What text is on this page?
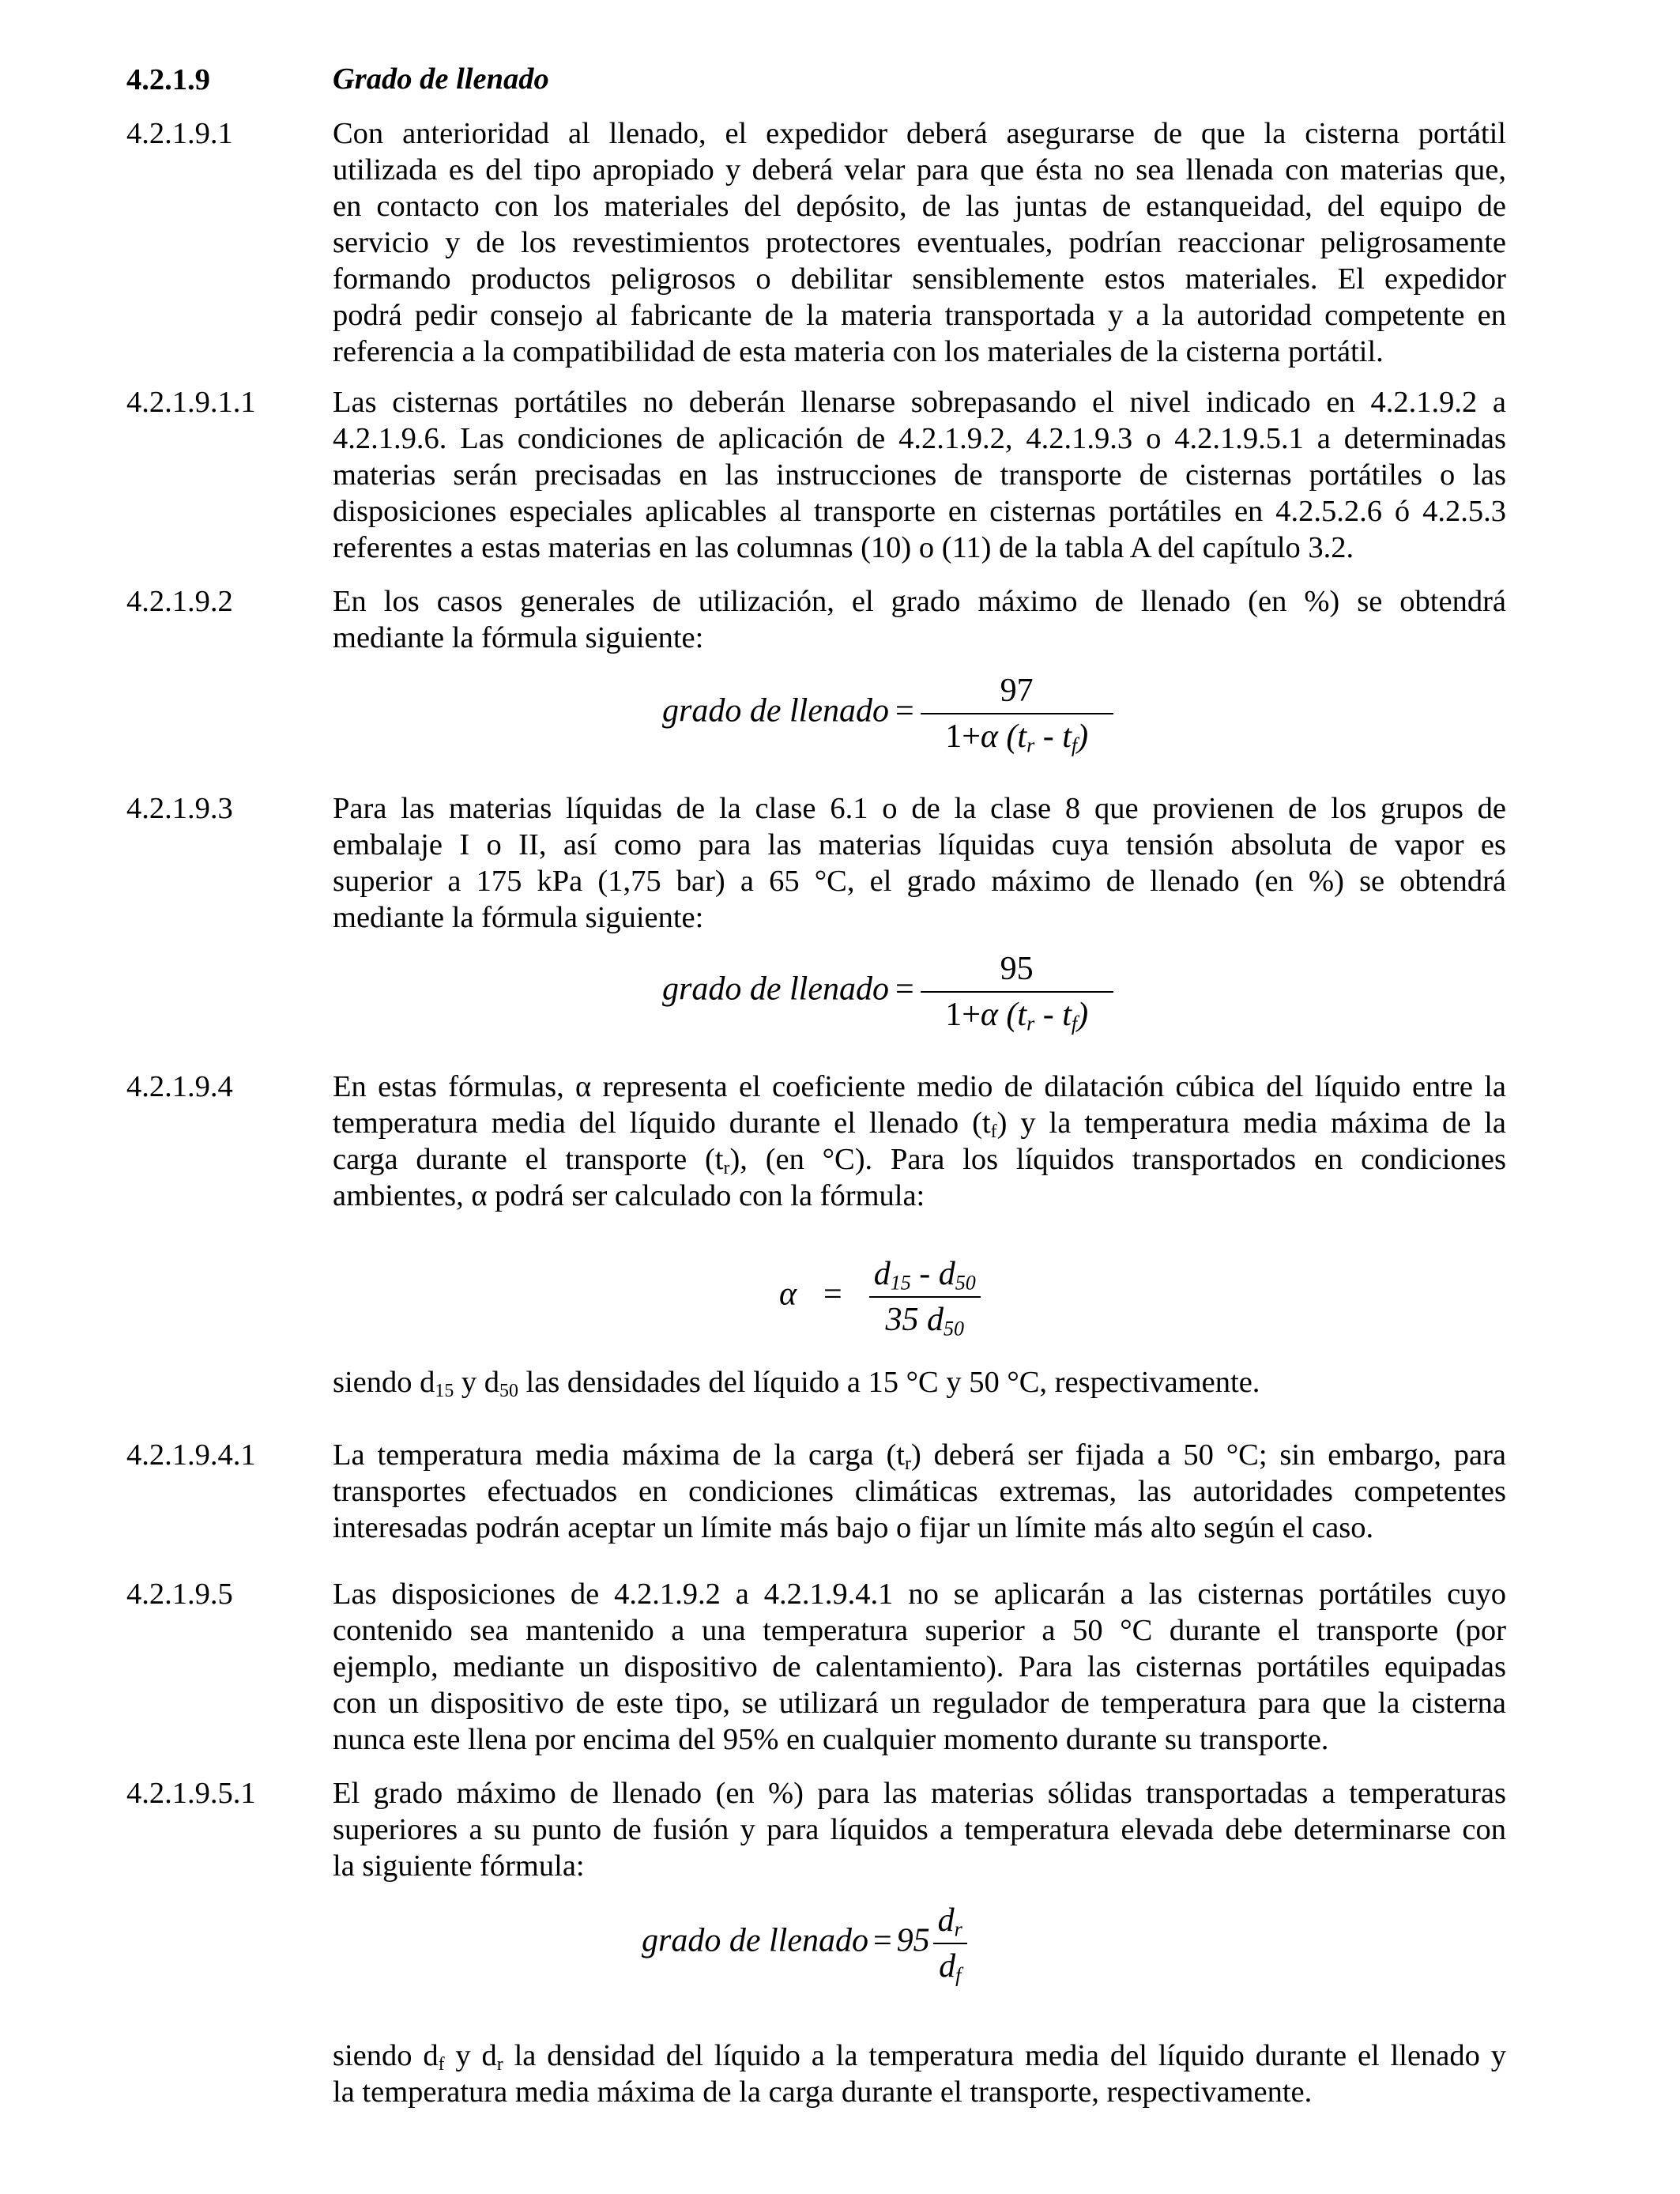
4.2.1.9	Grado de llenado
4.2.1.9.1	Con anterioridad al llenado, el expedidor deberá asegurarse de que la cisterna portátil
utilizada es del tipo apropiado y deberá velar para que ésta no sea llenada con materias que,
en contacto con los materiales del depósito, de las juntas de estanqueidad, del equipo de
servicio y de los revestimientos protectores eventuales, podrían reaccionar peligrosamente
formando productos peligrosos o debilitar sensiblemente estos materiales. El expedidor
podrá pedir consejo al fabricante de la materia transportada y a la autoridad competente en
referencia a la compatibilidad de esta materia con los materiales de la cisterna portátil.
4.2.1.9.1.1	Las cisternas portátiles no deberán llenarse sobrepasando el nivel indicado en 4.2.1.9.2 a
4.2.1.9.6. Las condiciones de aplicación de 4.2.1.9.2, 4.2.1.9.3 o 4.2.1.9.5.1 a determinadas
materias serán precisadas en las instrucciones de transporte de cisternas portátiles o las
disposiciones especiales aplicables al transporte en cisternas portátiles en 4.2.5.2.6 ó 4.2.5.3
referentes a estas materias en las columnas (10) o (11) de la tabla A del capítulo 3.2.
4.2.1.9.2	En los casos generales de utilización, el grado máximo de llenado (en %) se obtendrá
mediante la fórmula siguiente:
grado de llenado = $\frac{97}{1+\alpha (t_r - t_f)}$
4.2.1.9.3	Para las materias líquidas de la clase 6.1 o de la clase 8 que provienen de los grupos de
embalaje I o II, así como para las materias líquidas cuya tensión absoluta de vapor es
superior a 175 kPa (1,75 bar) a 65 °C, el grado máximo de llenado (en %) se obtendrá
mediante la fórmula siguiente:
grado de llenado = $\frac{95}{1+\alpha (t_r - t_f)}$
4.2.1.9.4	En estas fórmulas, α representa el coeficiente medio de dilatación cúbica del líquido entre la
temperatura media del líquido durante el llenado $(t_f)$ y la temperatura media máxima de la
carga durante el transporte $(t_r)$, (en °C). Para los líquidos transportados en condiciones
ambientes, α podrá ser calculado con la fórmula:
$\alpha = \frac{d_{15} - d_{50}}{35 d_{50}}$
siendo $d_{15}$ y $d_{50}$ las densidades del líquido a 15 °C y 50 °C, respectivamente.
4.2.1.9.4.1	La temperatura media máxima de la carga $(t_r)$ deberá ser fijada a 50 °C; sin embargo, para
transportes efectuados en condiciones climáticas extremas, las autoridades competentes
interesadas podrán aceptar un límite más bajo o fijar un límite más alto según el caso.
4.2.1.9.5	Las disposiciones de 4.2.1.9.2 a 4.2.1.9.4.1 no se aplicarán a las cisternas portátiles cuyo
contenido sea mantenido a una temperatura superior a 50 °C durante el transporte (por
ejemplo, mediante un dispositivo de calentamiento). Para las cisternas portátiles equipadas
con un dispositivo de este tipo, se utilizará un regulador de temperatura para que la cisterna
nunca este llena por encima del 95% en cualquier momento durante su transporte.
4.2.1.9.5.1	El grado máximo de llenado (en %) para las materias sólidas transportadas a temperaturas
superiores a su punto de fusión y para líquidos a temperatura elevada debe determinarse con
la siguiente fórmula:
grado de llenado = $95 \frac{d_r}{d_f}$
siendo $d_f$ y $d_r$ la densidad del líquido a la temperatura media del líquido durante el llenado y
la temperatura media máxima de la carga durante el transporte, respectivamente.
